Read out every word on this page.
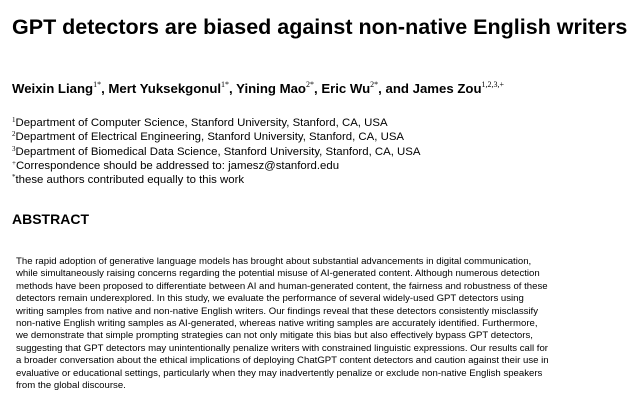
GPT detectors are biased against non-native English writers

Weixin Liang$^{1*}$, Mert Yuksekgonul$^{1*}$, Yining Mao$^{2*}$, Eric $Wu^{2*}$, and James Zou$^{1,2,3,+}$

$^1$Department of Computer Science, Stanford University, Stanford, CA, USA
$^2$Department of Electrical Engineering, Stanford University, Stanford, CA, USA
$^3$Department of Biomedical Data Science, Stanford University, Stanford, CA, USA
+Correspondence should be addressed to: jamesz@stanford.edu
*these authors contributed equally to this work
ABSTRACT

The rapid adoption of generative language models has brought about substantial advancements in digital communication,
while simultaneously raising concerns regarding the potential misuse of AI-generated content. Although numerous detection
methods have been proposed to differentiate between AI and human-generated content, the fairness and robustness of these
detectors remain underexplored. In this study, we evaluate the performance of several widely-used GPT detectors using
writing samples from native and non-native English writers. Our findings reveal that these detectors consistently misclassify
non-native English writing samples as AI-generated, whereas native writing samples are accurately identified. Furthermore,
we demonstrate that simple prompting strategies can not only mitigate this bias but also effectively bypass GPT detectors,
suggesting that GPT detectors may unintentionally penalize writers with constrained linguistic expressions. Our results call for
a broader conversation about the ethical implications of deploying ChatGPT content detectors and caution against their use in
evaluative or educational settings, particularly when they may inadvertently penalize or exclude non-native English speakers
from the global discourse.
